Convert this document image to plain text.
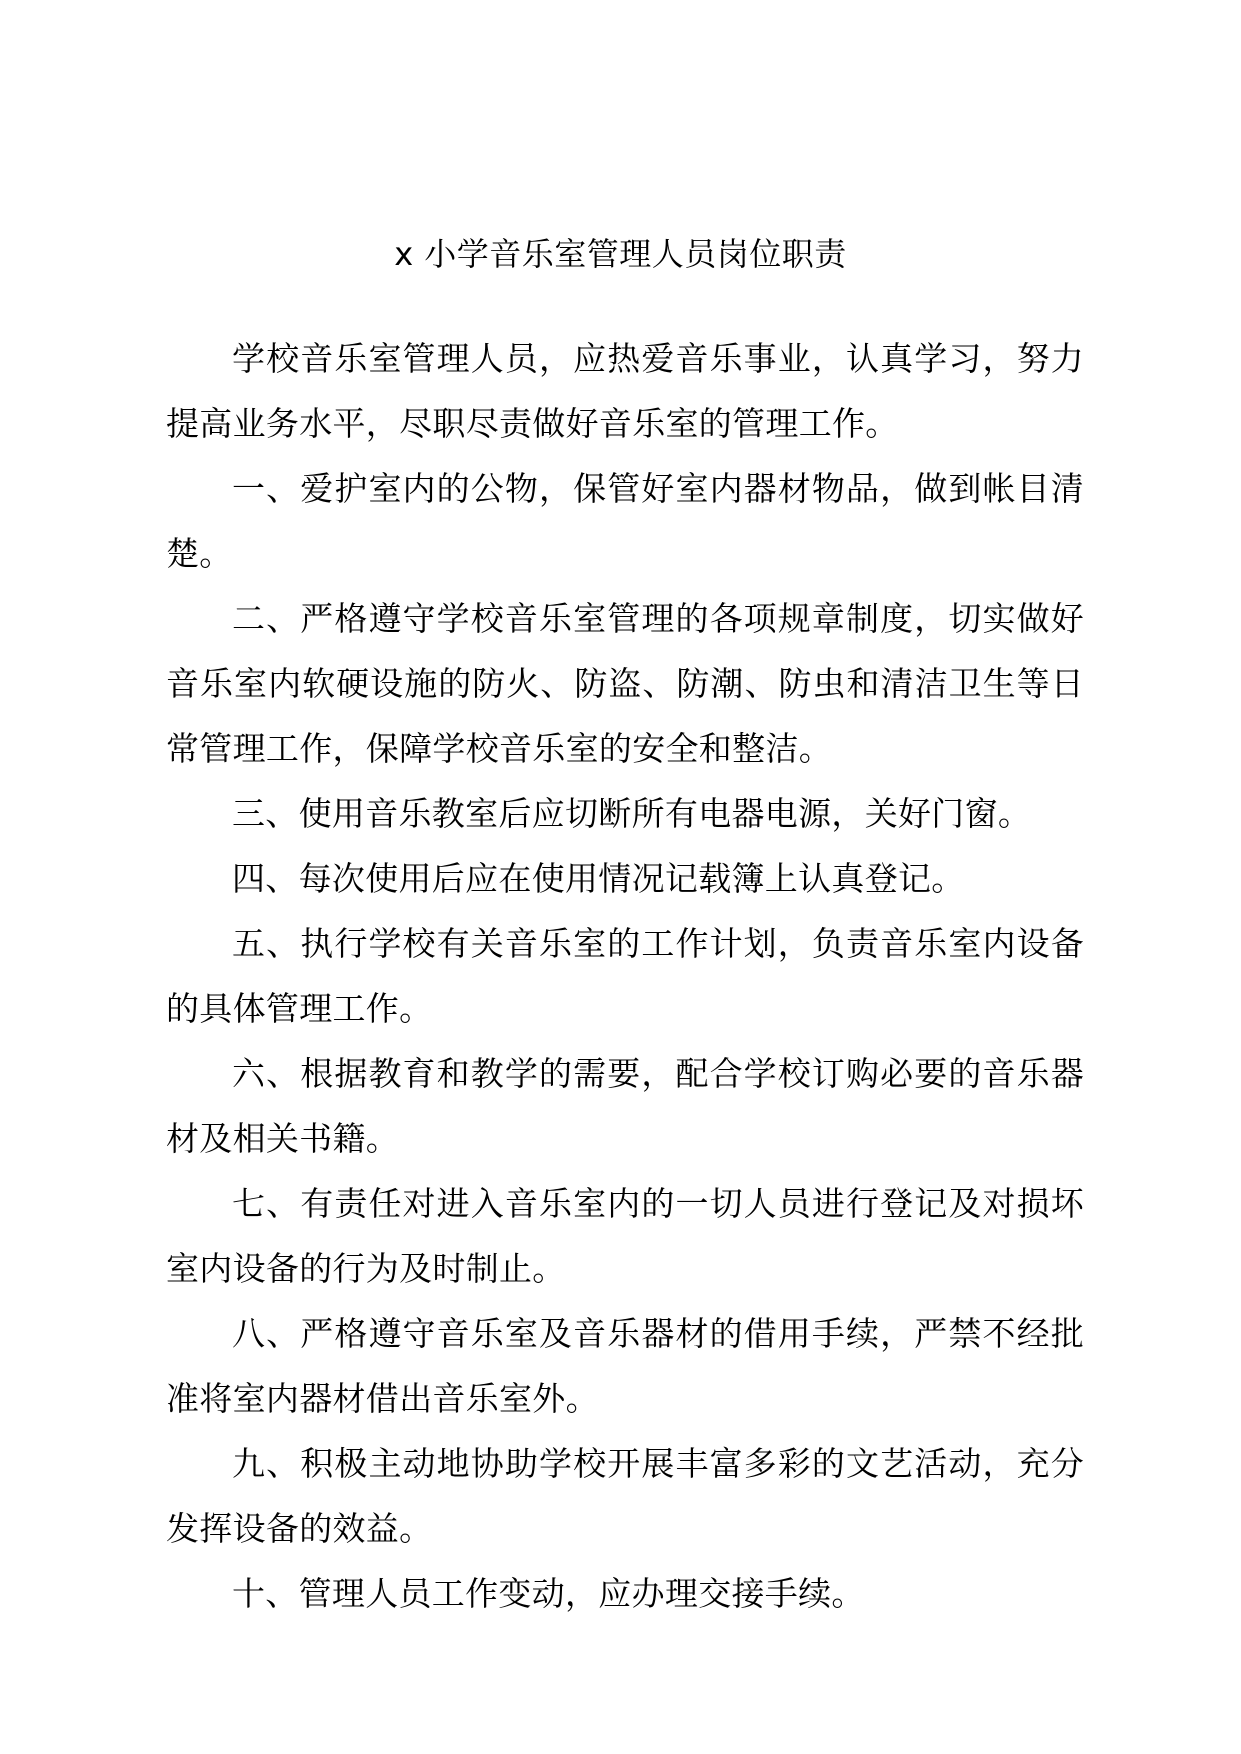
x 小学音乐室管理人员岗位职责

学校音乐室管理人员，应热爱音乐事业，认真学习，努力提高业务水平，尽职尽责做好音乐室的管理工作。

一、爱护室内的公物，保管好室内器材物品，做到帐目清楚。

二、严格遵守学校音乐室管理的各项规章制度，切实做好音乐室内软硬设施的防火、防盗、防潮、防虫和清洁卫生等日常管理工作，保障学校音乐室的安全和整洁。

三、使用音乐教室后应切断所有电器电源，关好门窗。

四、每次使用后应在使用情况记载簿上认真登记。

五、执行学校有关音乐室的工作计划，负责音乐室内设备的具体管理工作。

六、根据教育和教学的需要，配合学校订购必要的音乐器材及相关书籍。

七、有责任对进入音乐室内的一切人员进行登记及对损坏室内设备的行为及时制止。

八、严格遵守音乐室及音乐器材的借用手续，严禁不经批准将室内器材借出音乐室外。

九、积极主动地协助学校开展丰富多彩的文艺活动，充分发挥设备的效益。

十、管理人员工作变动，应办理交接手续。
